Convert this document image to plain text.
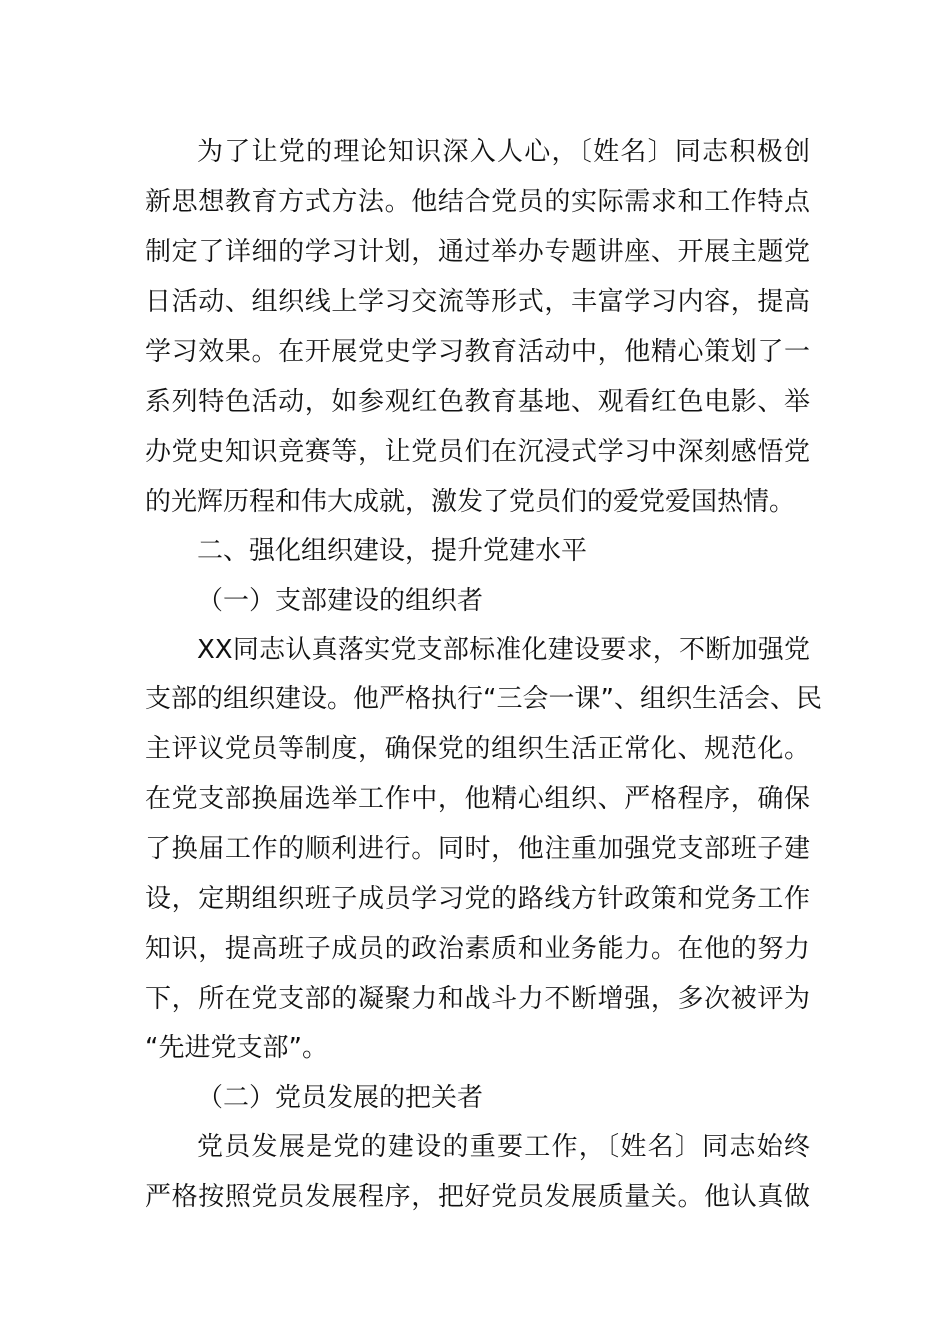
为了让党的理论知识深入人心，〔姓名〕同志积极创
新思想教育方式方法。他结合党员的实际需求和工作特点
制定了详细的学习计划，通过举办专题讲座、开展主题党
日活动、组织线上学习交流等形式，丰富学习内容，提高
学习效果。在开展党史学习教育活动中，他精心策划了一
系列特色活动，如参观红色教育基地、观看红色电影、举
办党史知识竞赛等，让党员们在沉浸式学习中深刻感悟党
的光辉历程和伟大成就，激发了党员们的爱党爱国热情。
二、强化组织建设，提升党建水平
（一）支部建设的组织者
XX同志认真落实党支部标准化建设要求，不断加强党
支部的组织建设。他严格执行“三会一课”、组织生活会、民
主评议党员等制度，确保党的组织生活正常化、规范化。
在党支部换届选举工作中，他精心组织、严格程序，确保
了换届工作的顺利进行。同时，他注重加强党支部班子建
设，定期组织班子成员学习党的路线方针政策和党务工作
知识，提高班子成员的政治素质和业务能力。在他的努力
下，所在党支部的凝聚力和战斗力不断增强，多次被评为
“先进党支部”。
（二）党员发展的把关者
党员发展是党的建设的重要工作，〔姓名〕同志始终
严格按照党员发展程序，把好党员发展质量关。他认真做
